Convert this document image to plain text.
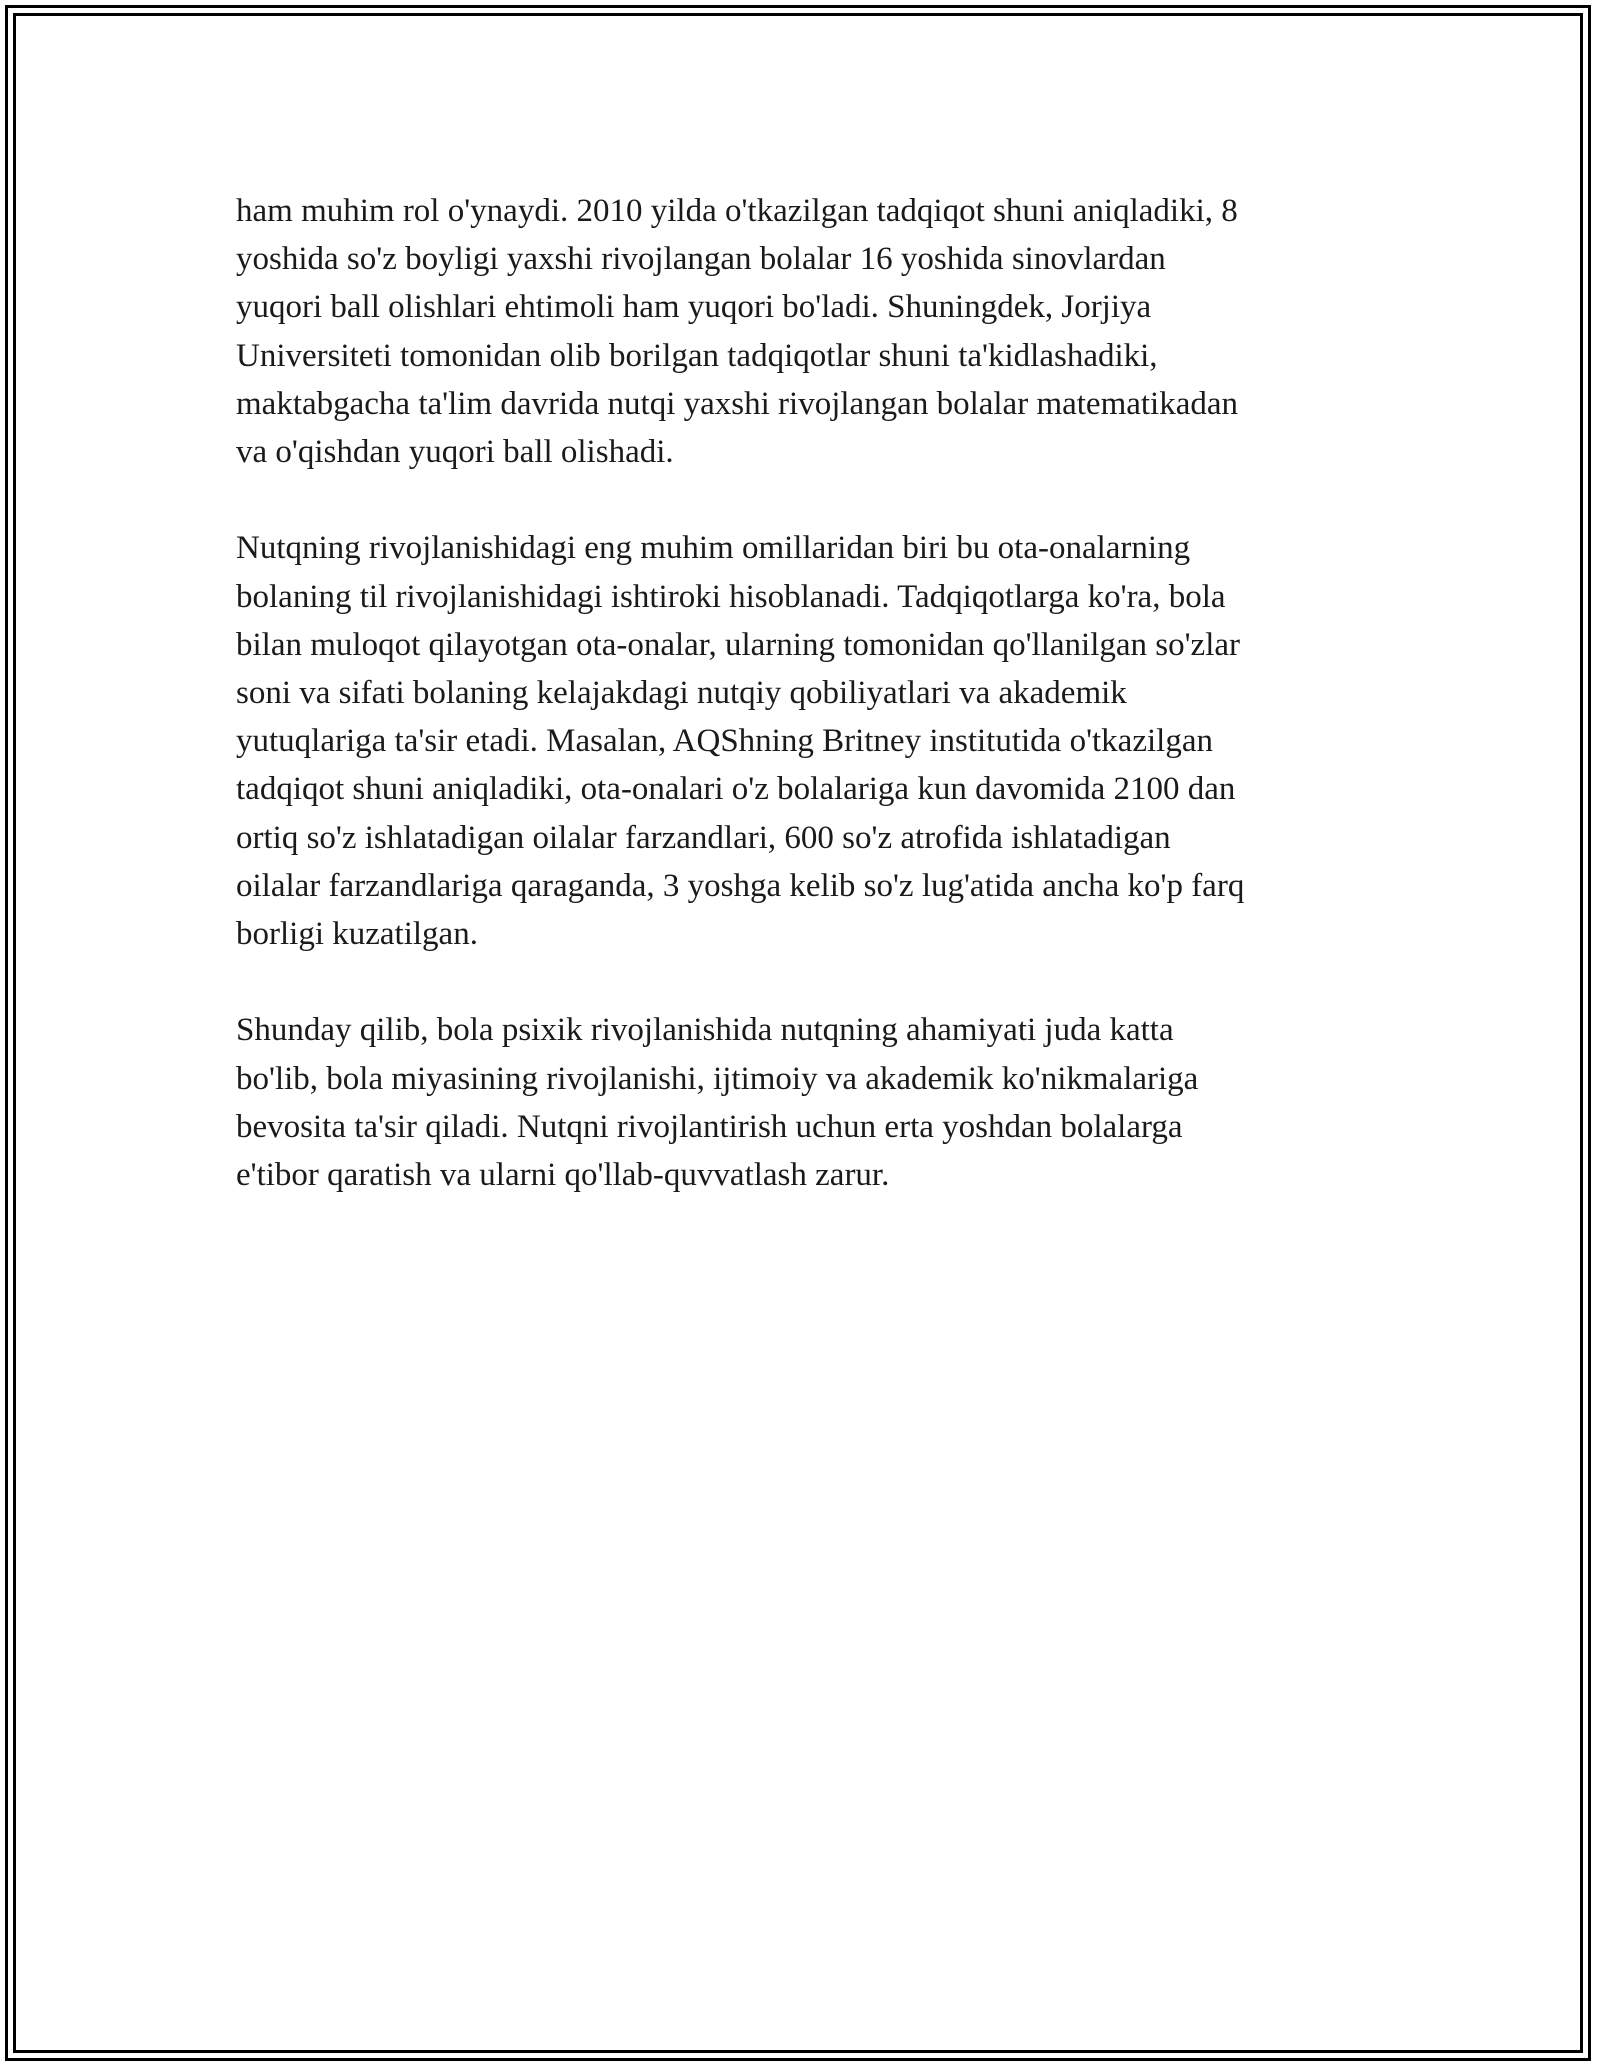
ham muhim rol o'ynaydi. 2010 yilda o'tkazilgan tadqiqot shuni aniqladiki, 8
yoshida so'z boyligi yaxshi rivojlangan bolalar 16 yoshida sinovlardan
yuqori ball olishlari ehtimoli ham yuqori bo'ladi. Shuningdek, Jorjiya
Universiteti tomonidan olib borilgan tadqiqotlar shuni ta'kidlashadiki,
maktabgacha ta'lim davrida nutqi yaxshi rivojlangan bolalar matematikadan
va o'qishdan yuqori ball olishadi.

Nutqning rivojlanishidagi eng muhim omillaridan biri bu ota-onalarning
bolaning til rivojlanishidagi ishtiroki hisoblanadi. Tadqiqotlarga ko'ra, bola
bilan muloqot qilayotgan ota-onalar, ularning tomonidan qo'llanilgan so'zlar
soni va sifati bolaning kelajakdagi nutqiy qobiliyatlari va akademik
yutuqlariga ta'sir etadi. Masalan, AQShning Britney institutida o'tkazilgan
tadqiqot shuni aniqladiki, ota-onalari o'z bolalariga kun davomida 2100 dan
ortiq so'z ishlatadigan oilalar farzandlari, 600 so'z atrofida ishlatadigan
oilalar farzandlariga qaraganda, 3 yoshga kelib so'z lug'atida ancha ko'p farq
borligi kuzatilgan.

Shunday qilib, bola psixik rivojlanishida nutqning ahamiyati juda katta
bo'lib, bola miyasining rivojlanishi, ijtimoiy va akademik ko'nikmalariga
bevosita ta'sir qiladi. Nutqni rivojlantirish uchun erta yoshdan bolalarga
e'tibor qaratish va ularni qo'llab-quvvatlash zarur.
